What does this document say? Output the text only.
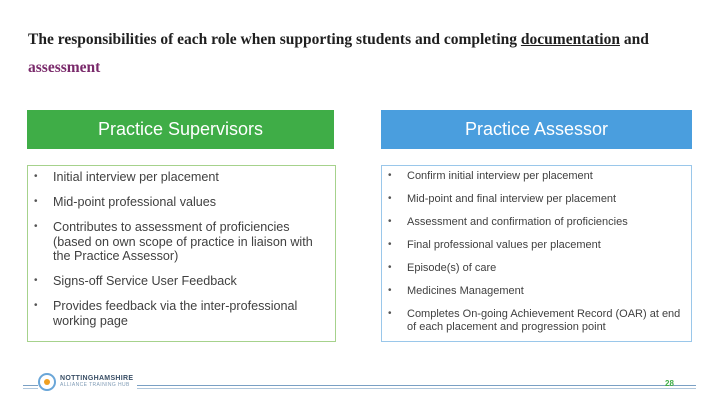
The responsibilities of each role when supporting students and completing documentation and
assessment
Practice Supervisors	Practice Assessor
• Initial interview per placement
• Mid-point professional values
• Contributes to assessment of proficiencies (based on own scope of practice in liaison with the Practice Assessor)
• Signs-off Service User Feedback
• Provides feedback via the inter-professional working page
• Confirm initial interview per placement
• Mid-point and final interview per placement
• Assessment and confirmation of proficiencies
• Final professional values per placement
• Episode(s) of care
• Medicines Management
• Completes On-going Achievement Record (OAR) at end of each placement and progression point
NOTTINGHAMSHIRE
ALLIANCE TRAINING HUB	28
